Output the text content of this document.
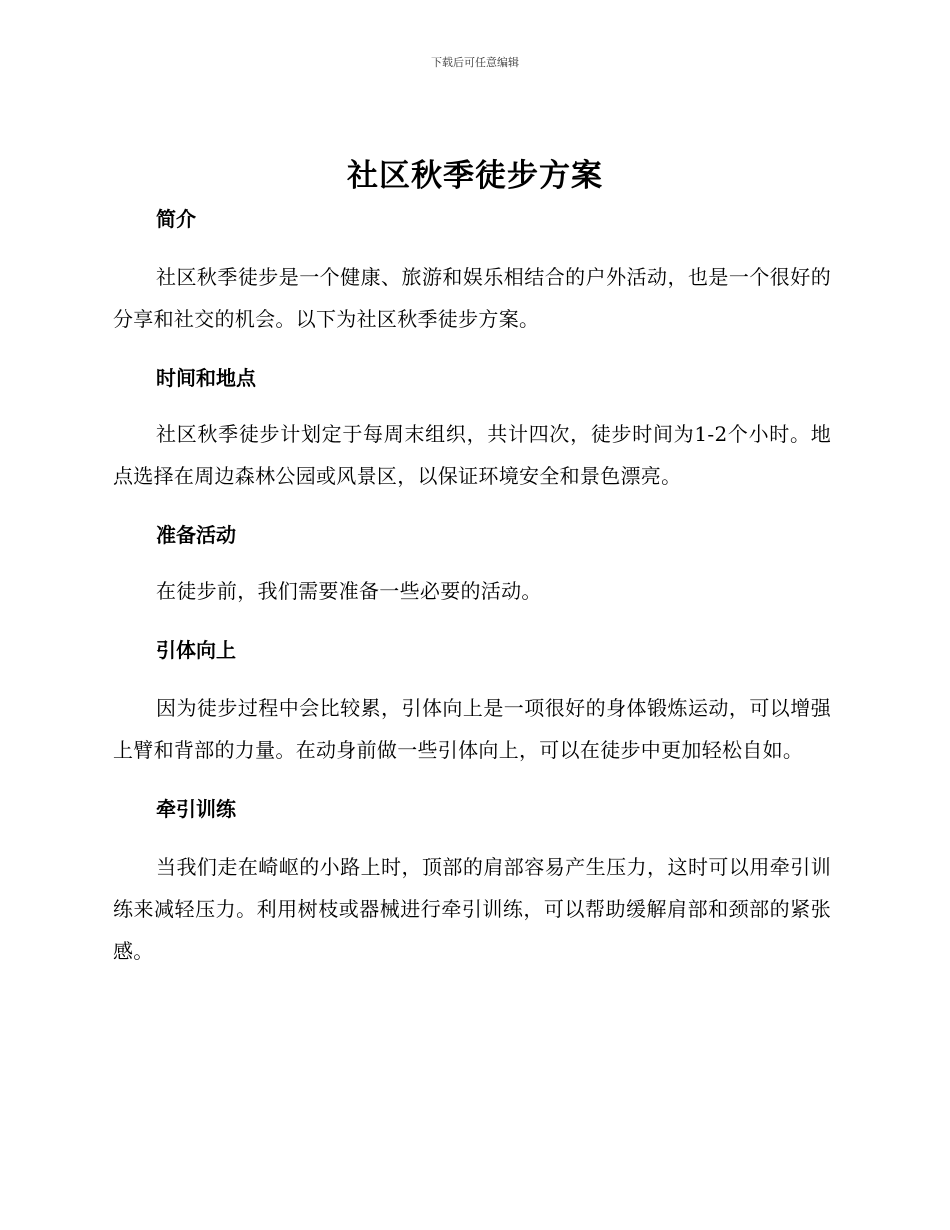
下载后可任意编辑
社区秋季徒步方案
简介

社区秋季徒步是一个健康、旅游和娱乐相结合的户外活动，也是一个很好的分享和社交的机会。以下为社区秋季徒步方案。

时间和地点

社区秋季徒步计划定于每周末组织，共计四次，徒步时间为1-2个小时。地点选择在周边森林公园或风景区，以保证环境安全和景色漂亮。

准备活动

在徒步前，我们需要准备一些必要的活动。

引体向上

因为徒步过程中会比较累，引体向上是一项很好的身体锻炼运动，可以增强上臂和背部的力量。在动身前做一些引体向上，可以在徒步中更加轻松自如。

牵引训练

当我们走在崎岖的小路上时，顶部的肩部容易产生压力，这时可以用牵引训练来减轻压力。利用树枝或器械进行牵引训练，可以帮助缓解肩部和颈部的紧张感。
